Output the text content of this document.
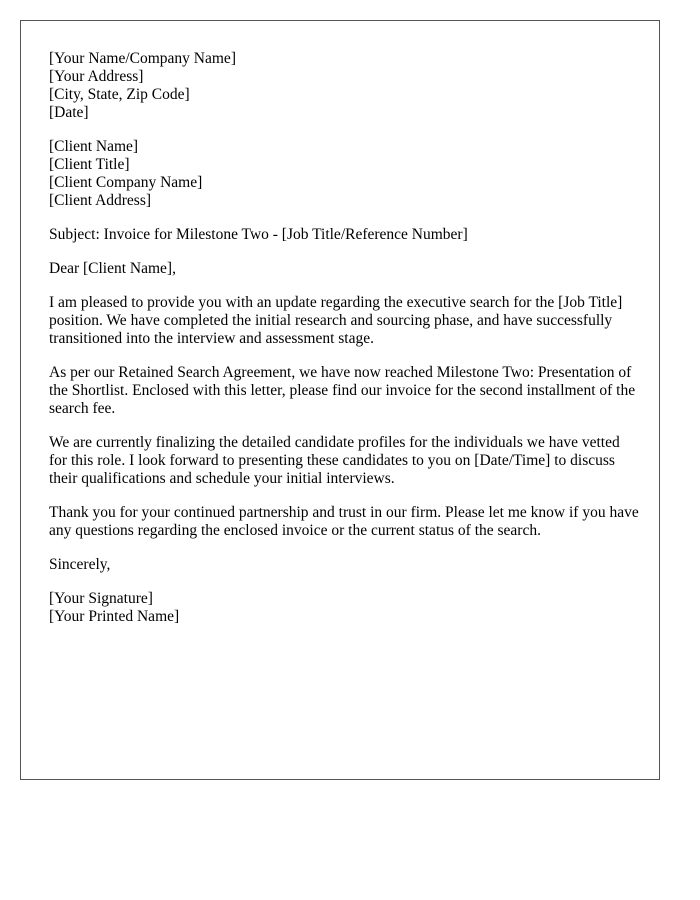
[Your Name/Company Name]
[Your Address]
[City, State, Zip Code]
[Date]
[Client Name]
[Client Title]
[Client Company Name]
[Client Address]

Subject: Invoice for Milestone Two - [Job Title/Reference Number]

Dear [Client Name],

I am pleased to provide you with an update regarding the executive search for the [Job Title] position. We have completed the initial research and sourcing phase, and have successfully transitioned into the interview and assessment stage.

As per our Retained Search Agreement, we have now reached Milestone Two: Presentation of the Shortlist. Enclosed with this letter, please find our invoice for the second installment of the search fee.

We are currently finalizing the detailed candidate profiles for the individuals we have vetted for this role. I look forward to presenting these candidates to you on [Date/Time] to discuss their qualifications and schedule your initial interviews.

Thank you for your continued partnership and trust in our firm. Please let me know if you have any questions regarding the enclosed invoice or the current status of the search.

Sincerely,

[Your Signature]
[Your Printed Name]
